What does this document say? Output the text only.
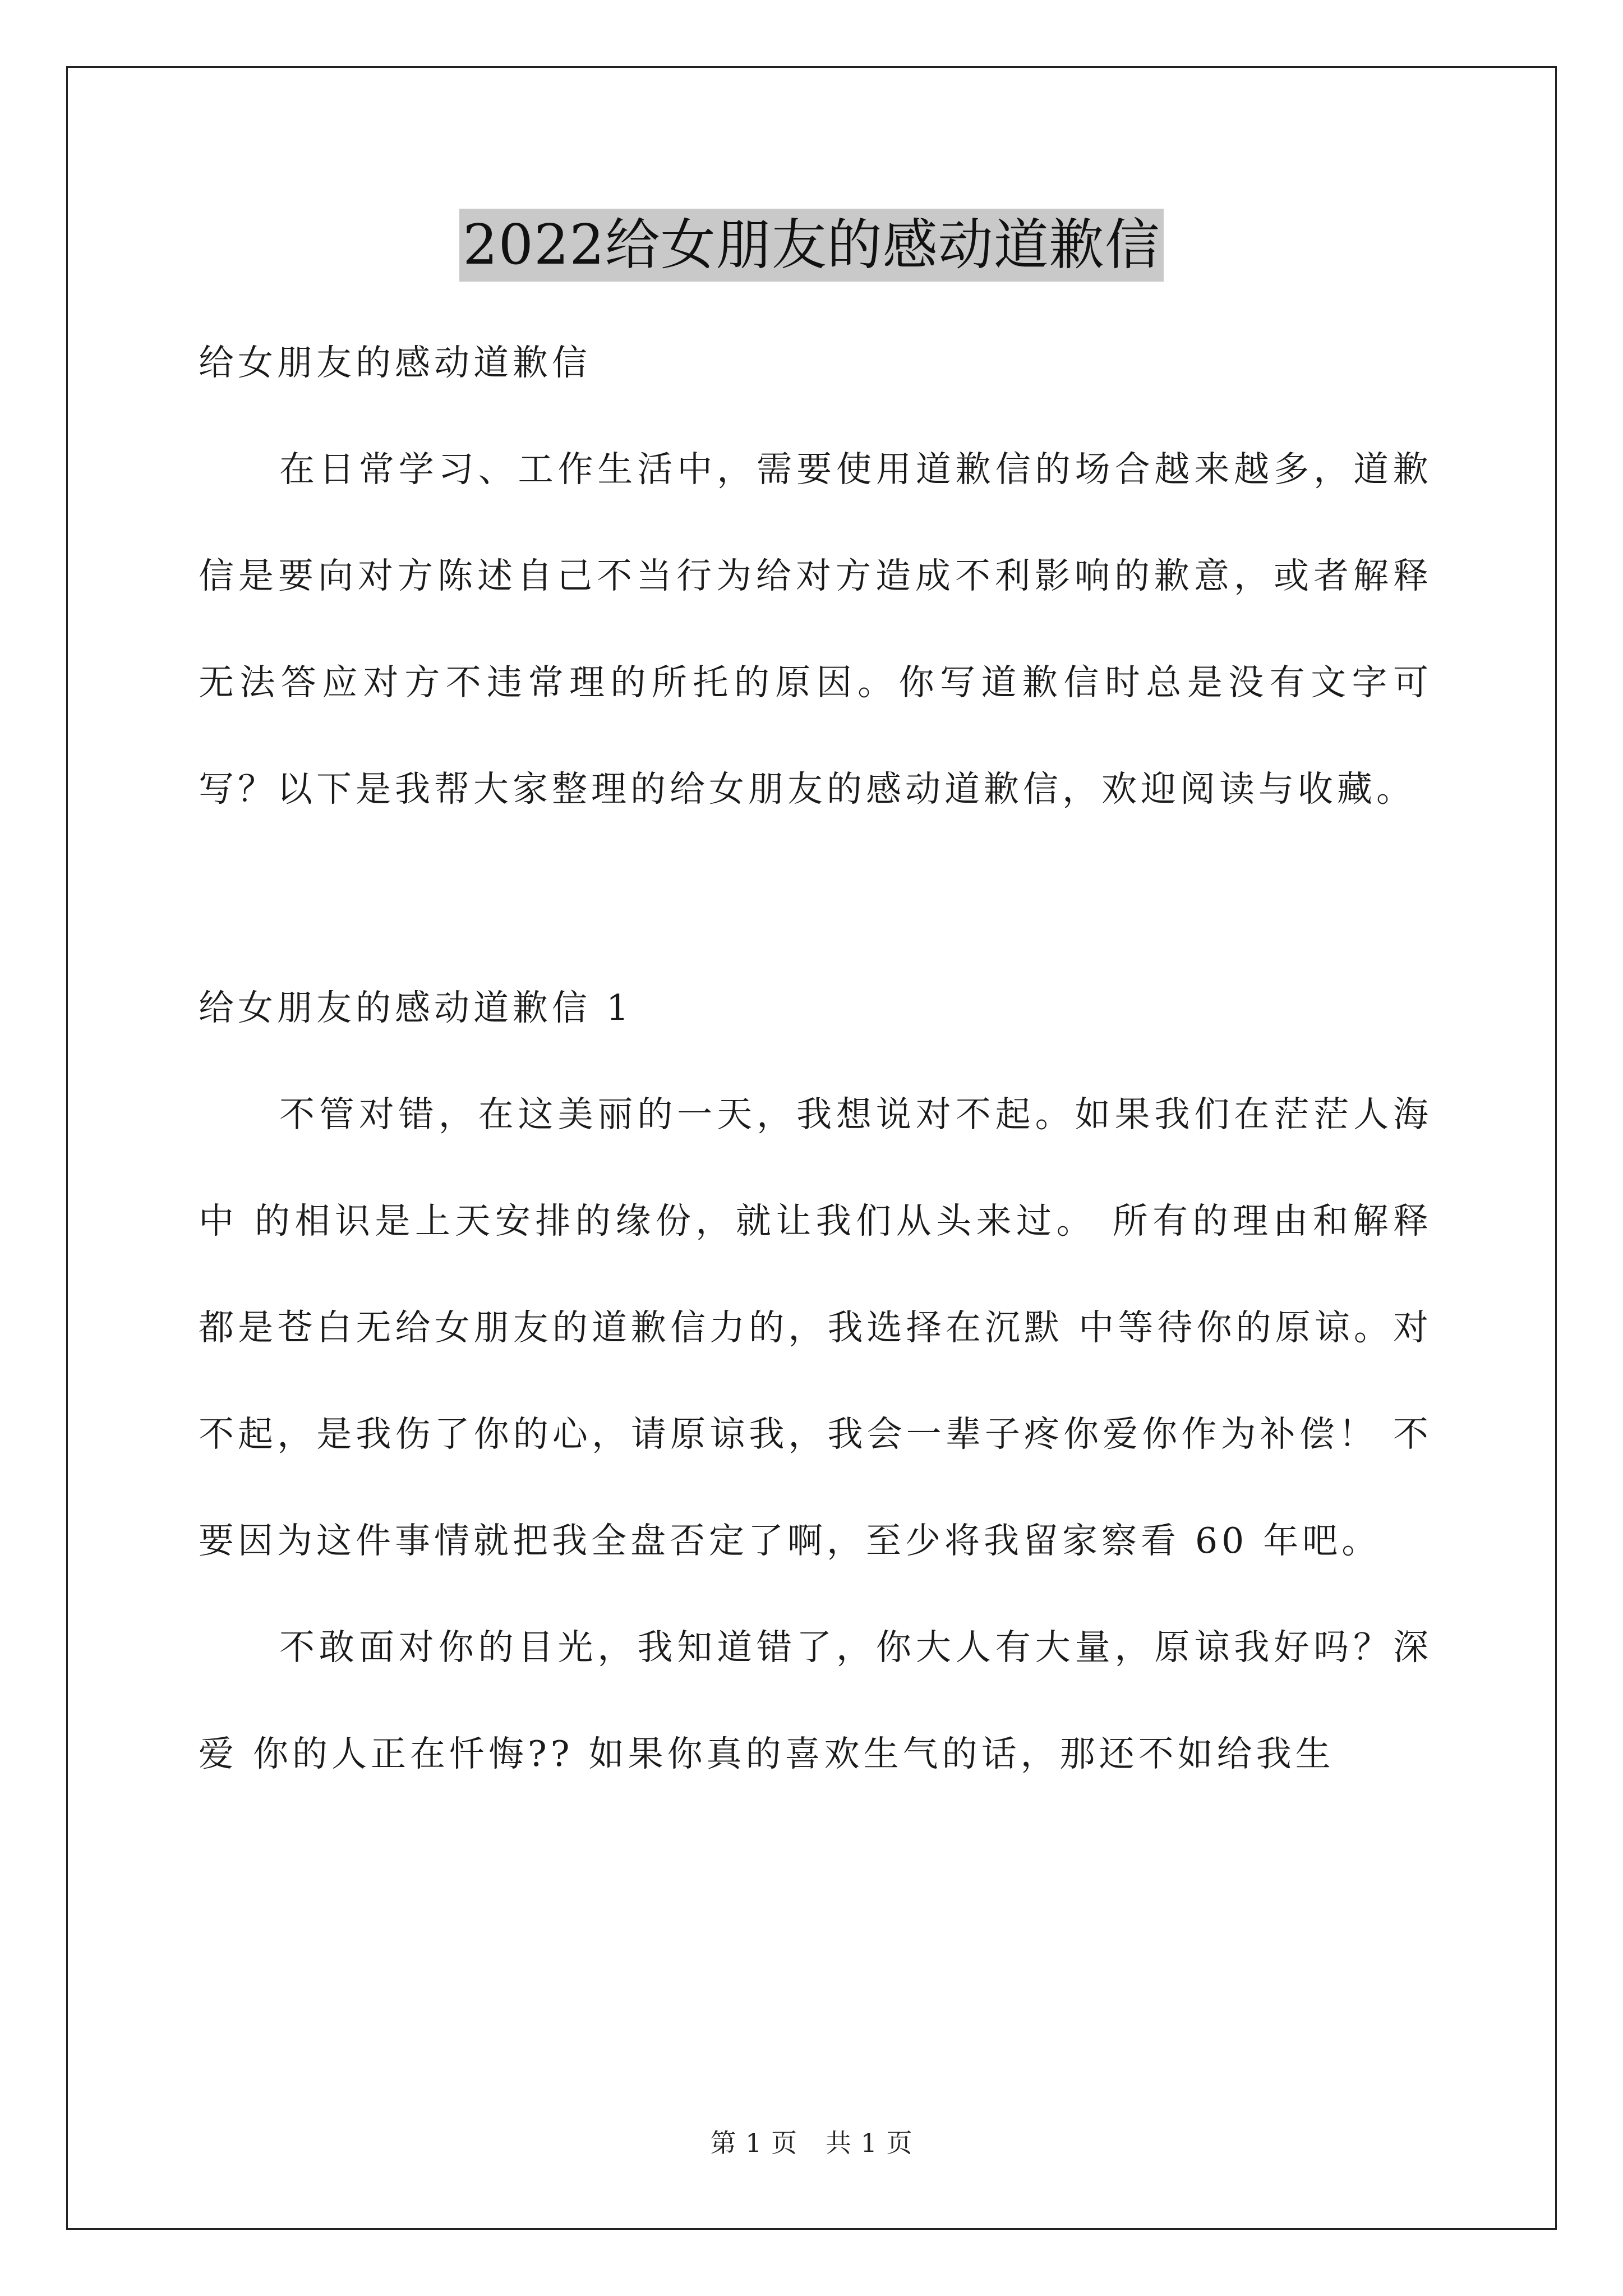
2022给女朋友的感动道歉信

给女朋友的感动道歉信

在日常学习、工作生活中，需要使用道歉信的场合越来越多，道歉信是要向对方陈述自己不当行为给对方造成不利影响的歉意，或者解释无法答应对方不违常理的所托的原因。你写道歉信时总是没有文字可写？以下是我帮大家整理的给女朋友的感动道歉信，欢迎阅读与收藏。

给女朋友的感动道歉信 1

不管对错，在这美丽的一天，我想说对不起。如果我们在茫茫人海中 的相识是上天安排的缘份，就让我们从头来过。 所有的理由和解释都是苍白无给女朋友的道歉信力的，我选择在沉默 中等待你的原谅。对不起，是我伤了你的心，请原谅我，我会一辈子疼你爱你作为补偿！ 不要因为这件事情就把我全盘否定了啊，至少将我留家察看 60 年吧。

不敢面对你的目光，我知道错了，你大人有大量，原谅我好吗？深爱 你的人正在忏悔?? 如果你真的喜欢生气的话，那还不如给我生

第 1 页 共 1 页
